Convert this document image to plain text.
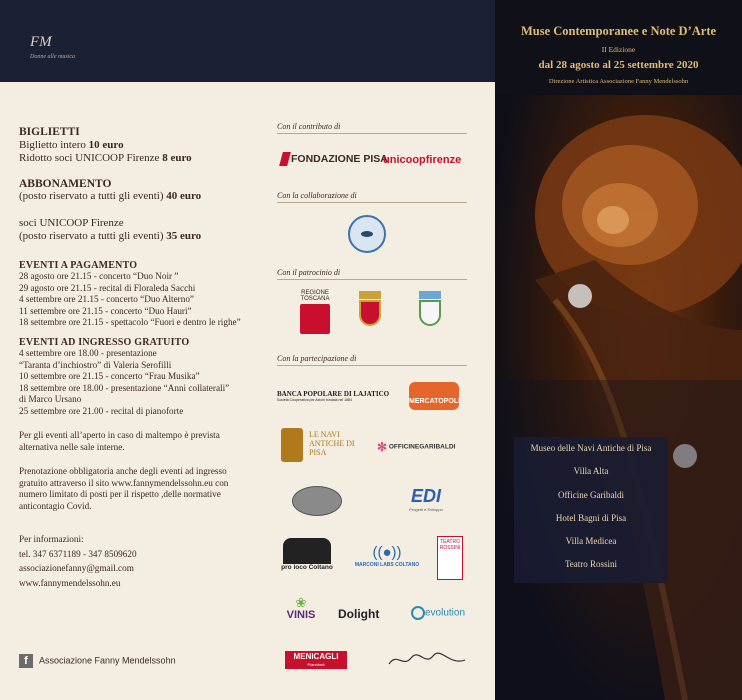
FM
Donne alle musica

BIGLIETTI

Biglietto intero 10 euro

Ridotto soci UNICOOP Firenze 8 euro

ABBONAMENTO

(posto riservato a tutti gli eventi) 40 euro

soci UNICOOP Firenze

(posto riservato a tutti gli eventi) 35 euro

EVENTI A PAGAMENTO

28 agosto ore 21.15 - concerto “Duo Noir ”

29 agosto ore 21.15 - recital di Floraleda Sacchi

4 settembre ore 21.15 - concerto “Duo Alterno”

11 settembre ore 21.15 - concerto “Duo Hauri”

18 settembre ore 21.15 - spettacolo “Fuori e dentro le righe”

EVENTI AD INGRESSO GRATUITO

4 settembre ore 18.00 - presentazione

“Taranta d’inchiostro” di Valeria Serofilli

10 settembre ore 21.15 - concerto “Frau Musika”

18 settembre ore 18.00 - presentazione “Anni collaterali”

di Marco Ursano

25 settembre ore 21.00 - recital di pianoforte

Per gli eventi all’aperto in caso di maltempo è prevista

alternativa nelle sale interne.

Prenotazione obbligatoria anche degli eventi ad ingresso

gratuito attraverso il sito www.fannymendelssohn.eu con

numero limitato di posti per il rispetto ,delle normative

anticontagio Covid.

Per informazioni:

tel. 347 6371189 - 347 8509620

associazionefanny@gmail.com

www.fannymendelssohn.eu

f Associazione Fanny Mendelssohn
Con il contributo di
FONDAZIONE PISA
unicoopfirenze
Con la collaborazione di
Con il patrocinio di
REGIONE TOSCANA
Con la partecipazione di
BANCA POPOLARE DI LAJATICO
Società Cooperativa per Azioni fondata nel 1884	MERCATOPOLI
LE NAVI ANTICHE DI PISA	✻ OFFICINEGARIBALDI
EDI
Progetti e Sviluppo
pro loco Coltano
((●))
MARCONI LABS COLTANO
TEATRO ROSSINI
❀
VINIS	Dolight	evolution
MENICAGLI
Pianoforti
Muse Contemporanee e Note D’Arte
II Edizione
dal 28 agosto al 25 settembre 2020
Direzione Artistica Associazione Fanny Mendelssohn
Museo delle Navi Antiche di Pisa
Villa Alta
Officine Garibaldi
Hotel Bagni di Pisa
Villa Medicea
Teatro Rossini
